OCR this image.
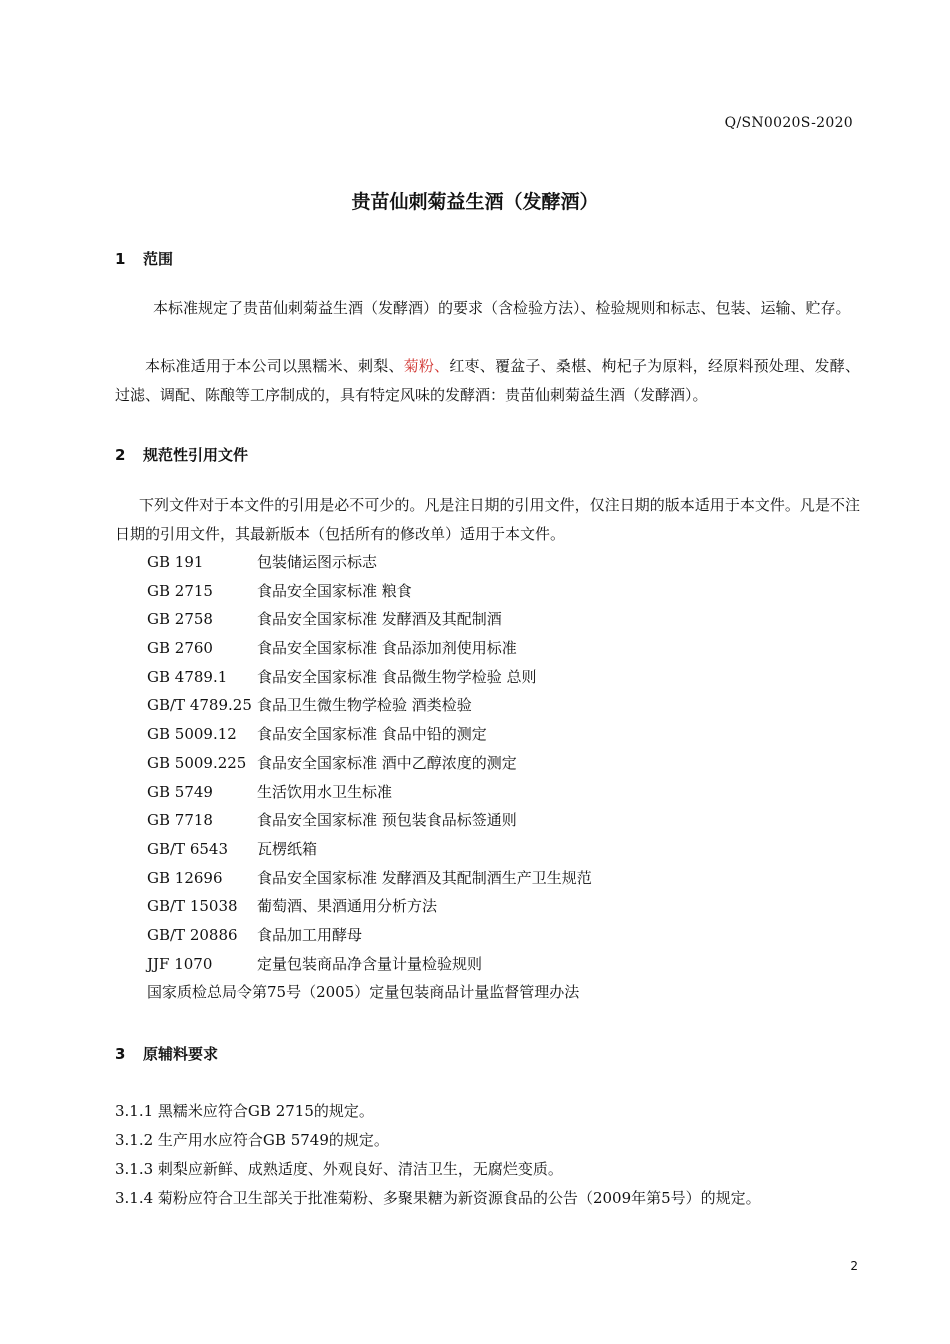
Q/SN0020S-2020
贵苗仙刺菊益生酒（发酵酒）
1 范围

本标准规定了贵苗仙刺菊益生酒（发酵酒）的要求（含检验方法）、检验规则和标志、包装、运输、贮存。

本标准适用于本公司以黑糯米、刺梨、菊粉、红枣、覆盆子、桑椹、枸杞子为原料，经原料预处理、发酵、过滤、调配、陈酿等工序制成的，具有特定风味的发酵酒：贵苗仙刺菊益生酒（发酵酒）。

2 规范性引用文件

下列文件对于本文件的引用是必不可少的。凡是注日期的引用文件，仅注日期的版本适用于本文件。凡是不注日期的引用文件，其最新版本（包括所有的修改单）适用于本文件。

GB 191	包装储运图示标志
GB 2715	食品安全国家标准 粮食
GB 2758	食品安全国家标准 发酵酒及其配制酒
GB 2760	食品安全国家标准 食品添加剂使用标准
GB 4789.1 食品安全国家标准 食品微生物学检验 总则
GB/T 4789.25 食品卫生微生物学检验 酒类检验
GB 5009.12 食品安全国家标准 食品中铅的测定
GB 5009.225 食品安全国家标准 酒中乙醇浓度的测定
GB 5749	生活饮用水卫生标准
GB 7718	食品安全国家标准 预包装食品标签通则
GB/T 6543 瓦楞纸箱
GB 12696 食品安全国家标准 发酵酒及其配制酒生产卫生规范
GB/T 15038 葡萄酒、果酒通用分析方法
GB/T 20886 食品加工用酵母
JJF 1070	定量包装商品净含量计量检验规则
国家质检总局令第75号（2005）定量包装商品计量监督管理办法
3 原辅料要求
3.1.1 黑糯米应符合GB 2715的规定。
3.1.2 生产用水应符合GB 5749的规定。
3.1.3 刺梨应新鲜、成熟适度、外观良好、清洁卫生，无腐烂变质。
3.1.4 菊粉应符合卫生部关于批准菊粉、多聚果糖为新资源食品的公告（2009年第5号）的规定。
2
